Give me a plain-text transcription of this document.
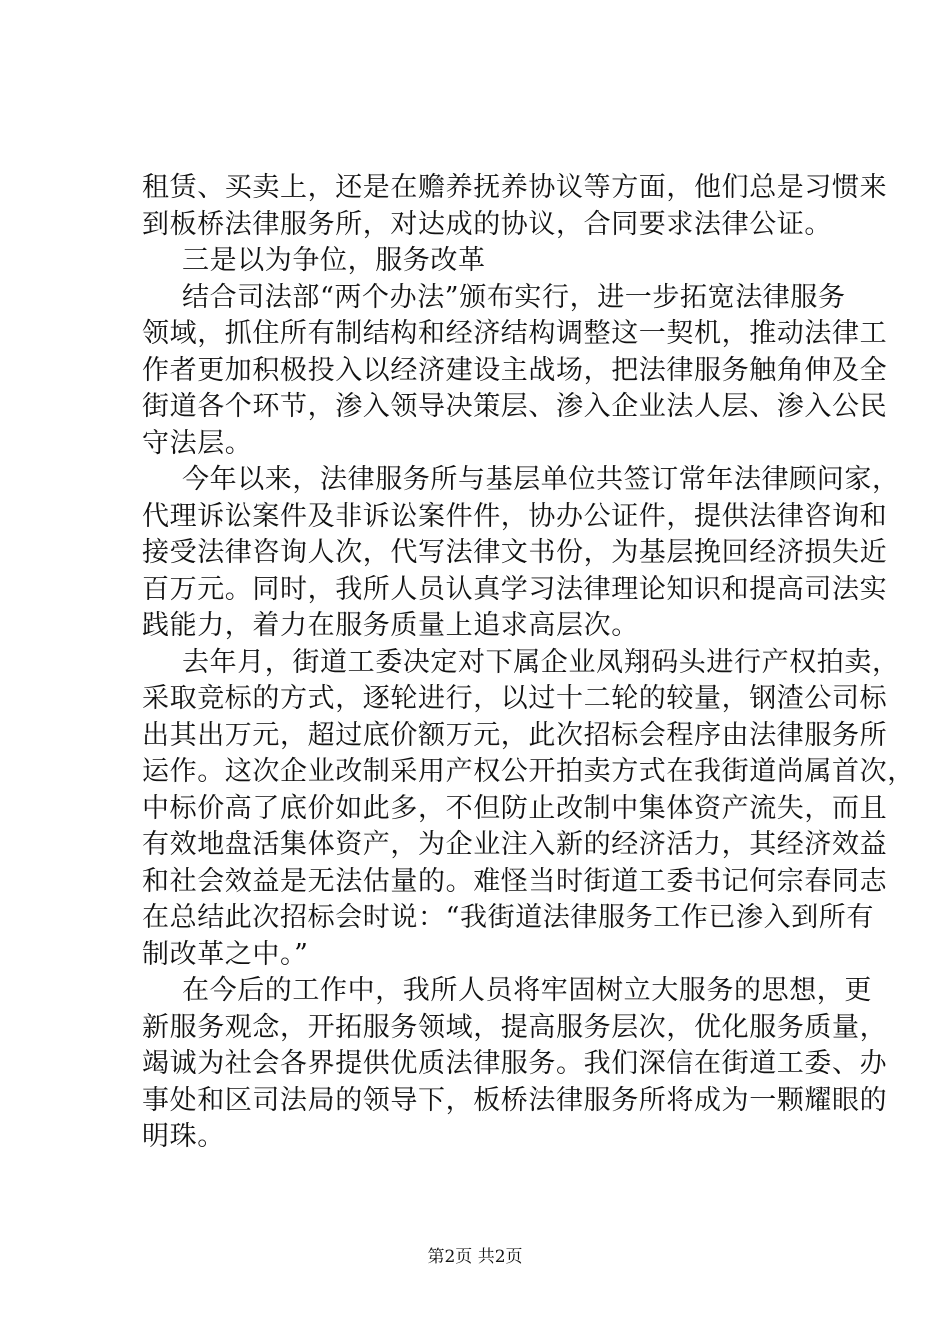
租赁、买卖上，还是在赡养抚养协议等方面，他们总是习惯来
到板桥法律服务所，对达成的协议，合同要求法律公证。
三是以为争位，服务改革
结合司法部“两个办法”颁布实行，进一步拓宽法律服务
领域，抓住所有制结构和经济结构调整这一契机，推动法律工
作者更加积极投入以经济建设主战场，把法律服务触角伸及全
街道各个环节，渗入领导决策层、渗入企业法人层、渗入公民
守法层。
今年以来，法律服务所与基层单位共签订常年法律顾问家，
代理诉讼案件及非诉讼案件件，协办公证件，提供法律咨询和
接受法律咨询人次，代写法律文书份，为基层挽回经济损失近
百万元。同时，我所人员认真学习法律理论知识和提高司法实
践能力，着力在服务质量上追求高层次。
去年月，街道工委决定对下属企业凤翔码头进行产权拍卖，
采取竞标的方式，逐轮进行，以过十二轮的较量，钢渣公司标
出其出万元，超过底价额万元，此次招标会程序由法律服务所
运作。这次企业改制采用产权公开拍卖方式在我街道尚属首次，
中标价高了底价如此多，不但防止改制中集体资产流失，而且
有效地盘活集体资产，为企业注入新的经济活力，其经济效益
和社会效益是无法估量的。难怪当时街道工委书记何宗春同志
在总结此次招标会时说：“我街道法律服务工作已渗入到所有
制改革之中。”
在今后的工作中，我所人员将牢固树立大服务的思想，更
新服务观念，开拓服务领域，提高服务层次，优化服务质量，
竭诚为社会各界提供优质法律服务。我们深信在街道工委、办
事处和区司法局的领导下，板桥法律服务所将成为一颗耀眼的
明珠。
第2页 共2页
